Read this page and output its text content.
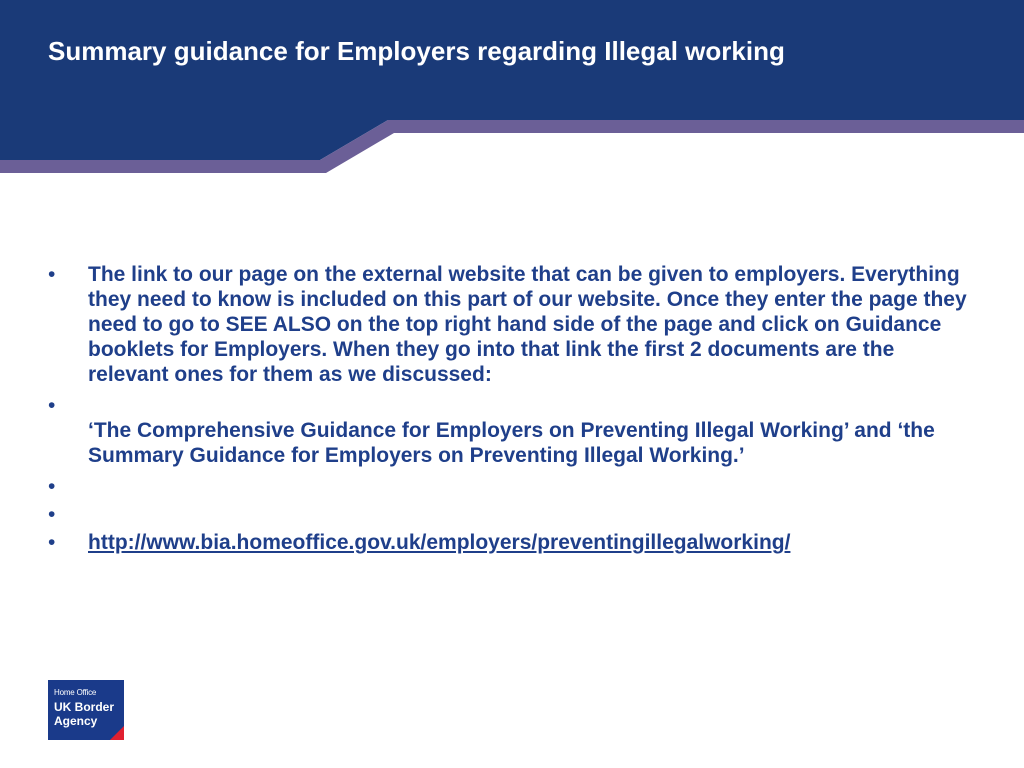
Summary guidance for Employers regarding Illegal working
• The link to our page on the external website that can be given to employers. Everything they need to know is included on this part of our website. Once they enter the page they need to go to SEE ALSO on the top right hand side of the page and click on Guidance booklets for Employers. When they go into that link the first 2 documents are the relevant ones for them as we discussed:
•
‘The Comprehensive Guidance for Employers on Preventing Illegal Working’ and ‘the Summary Guidance for Employers on Preventing Illegal Working.’
•
•
• http://www.bia.homeoffice.gov.uk/employers/preventingillegalworking/
Home Office
UK Border
Agency
